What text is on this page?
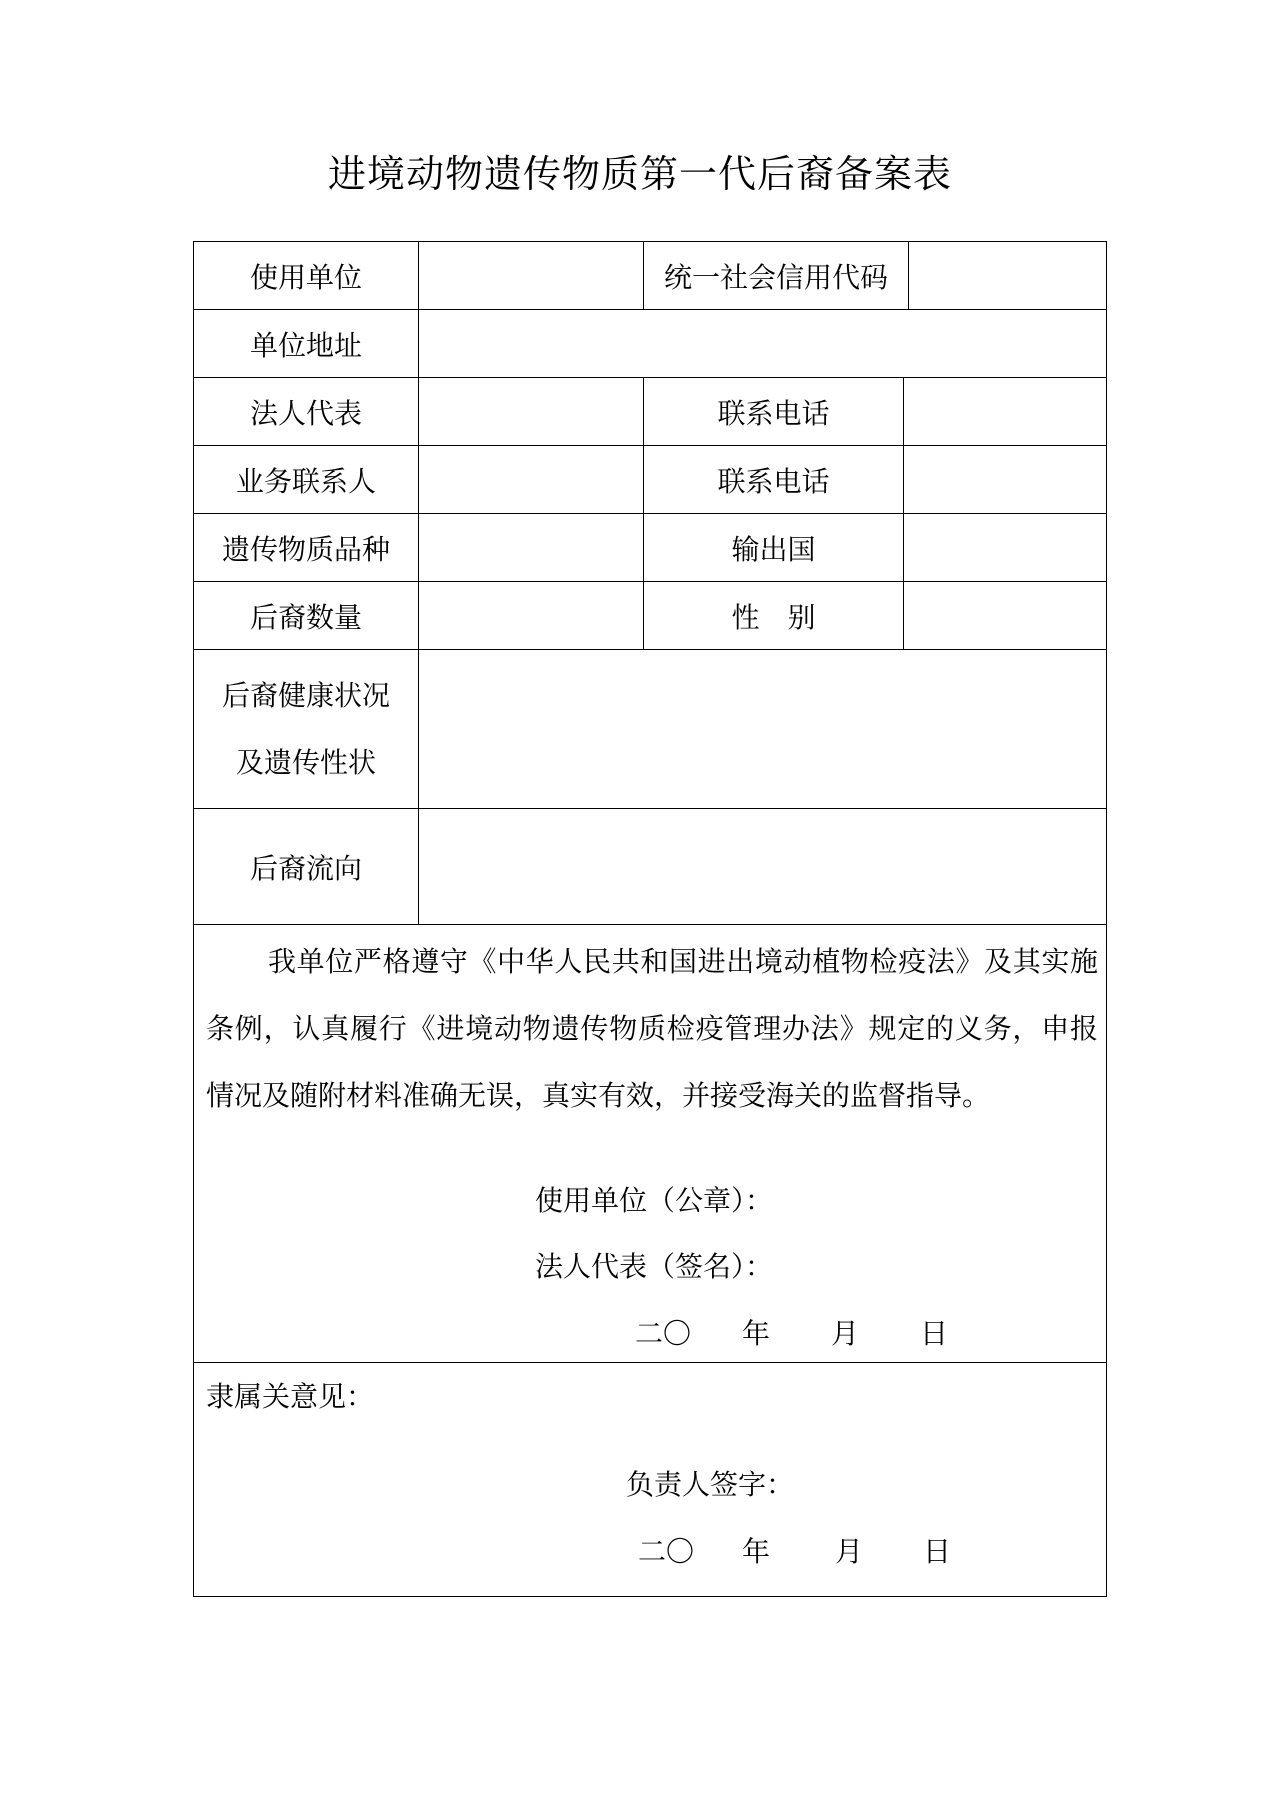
进境动物遗传物质第一代后裔备案表
使用单位	统一社会信用代码
单位地址
法人代表	联系电话
业务联系人	联系电话
遗传物质品种	输出国
后裔数量	性　别
后裔健康状况
及遗传性状
后裔流向
我单位严格遵守《中华人民共和国进出境动植物检疫法》及其实施条例，认真履行《进境动物遗传物质检疫管理办法》规定的义务，申报情况及随附材料准确无误，真实有效，并接受海关的监督指导。
使用单位（公章）：
法人代表（签名）：
二〇 年 月 日
隶属关意见：
负责人签字：
二〇 年 月 日
